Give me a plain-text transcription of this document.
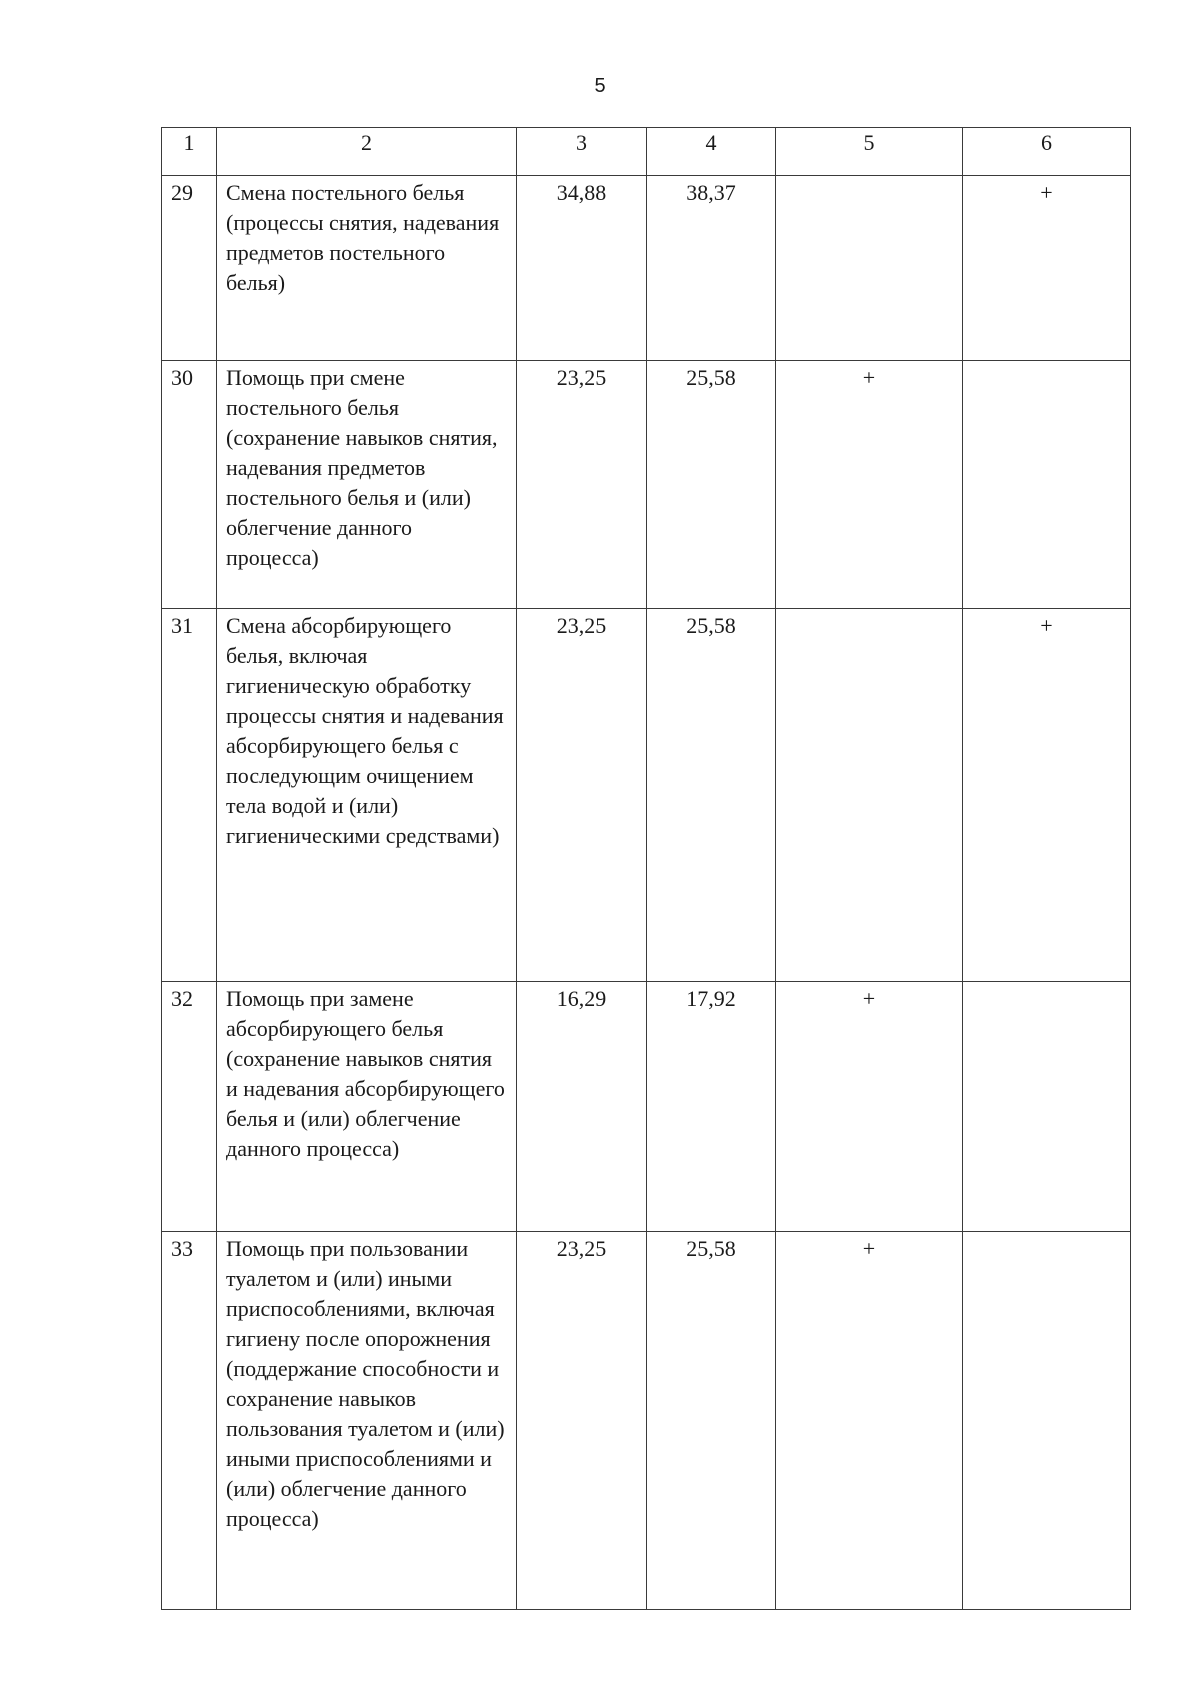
5
1	2	3	4	5	6
29	Смена постельного белья (процессы снятия, надевания предметов постельного белья)	34,88	38,37		+
30	Помощь при смене постельного белья (сохранение навыков снятия, надевания предметов постельного белья и (или) облегчение данного процесса)	23,25	25,58	+	
31	Смена абсорбирующего белья, включая гигиеническую обработку процессы снятия и надевания абсорбирующего белья с последующим очищением тела водой и (или) гигиеническими средствами)	23,25	25,58		+
32	Помощь при замене абсорбирующего белья (сохранение навыков снятия и надевания абсорбирующего белья и (или) облегчение данного процесса)	16,29	17,92	+	
33	Помощь при пользовании туалетом и (или) иными приспособлениями, включая гигиену после опорожнения (поддержание способности и сохранение навыков пользования туалетом и (или) иными приспособлениями и (или) облегчение данного процесса)	23,25	25,58	+	
